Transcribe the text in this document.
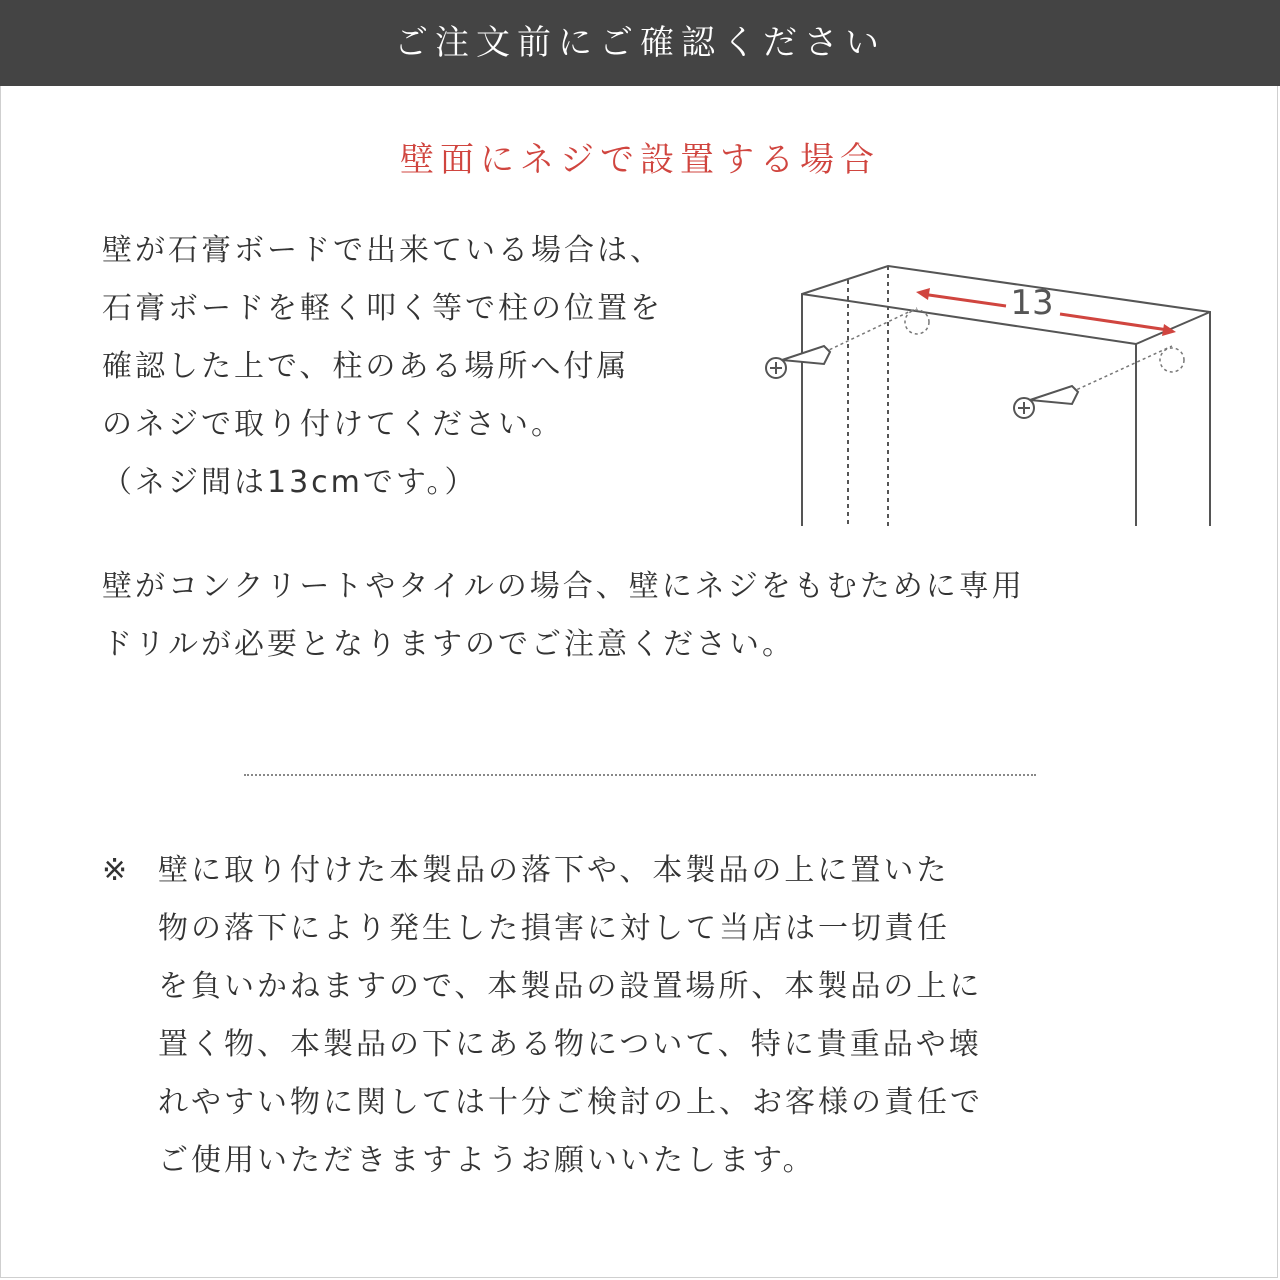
ご注文前にご確認ください
壁面にネジで設置する場合
壁が石膏ボードで出来ている場合は、
石膏ボードを軽く叩く等で柱の位置を
確認した上で、柱のある場所へ付属
のネジで取り付けてください。
（ネジ間は13cmです。）
13
壁がコンクリートやタイルの場合、壁にネジをもむために専用
ドリルが必要となりますのでご注意ください。
※ 壁に取り付けた本製品の落下や、本製品の上に置いた
物の落下により発生した損害に対して当店は一切責任
を負いかねますので、本製品の設置場所、本製品の上に
置く物、本製品の下にある物について、特に貴重品や壊
れやすい物に関しては十分ご検討の上、お客様の責任で
ご使用いただきますようお願いいたします。
